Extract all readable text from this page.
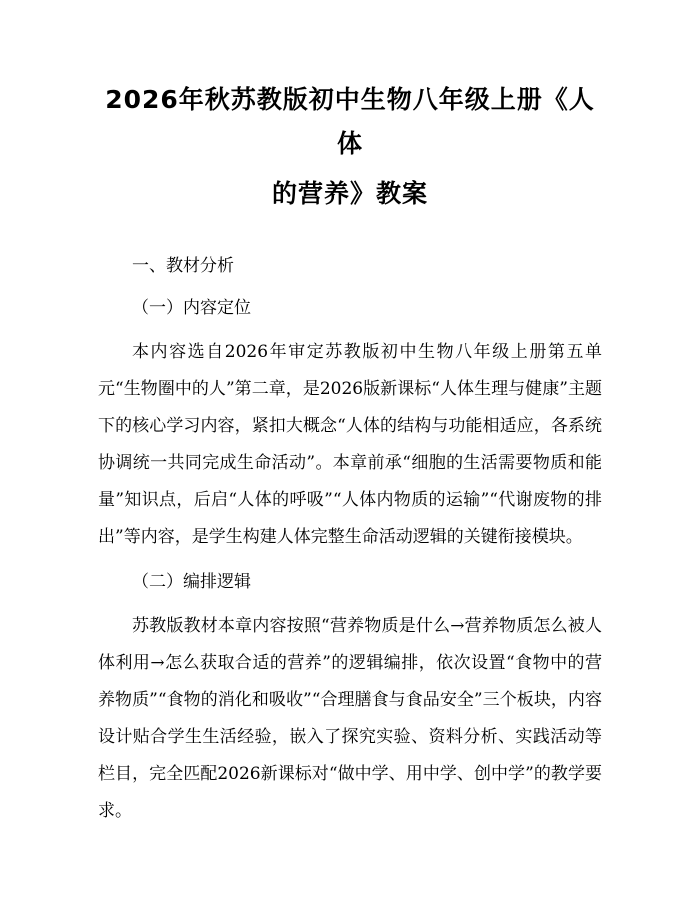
2026年秋苏教版初中生物八年级上册《人体
的营养》教案

一、教材分析

（一）内容定位

本内容选自2026年审定苏教版初中生物八年级上册第五单元“生物圈中的人”第二章，是2026版新课标“人体生理与健康”主题下的核心学习内容，紧扣大概念“人体的结构与功能相适应，各系统协调统一共同完成生命活动”。本章前承“细胞的生活需要物质和能量”知识点，后启“人体的呼吸”“人体内物质的运输”“代谢废物的排出”等内容，是学生构建人体完整生命活动逻辑的关键衔接模块。

（二）编排逻辑

苏教版教材本章内容按照“营养物质是什么→营养物质怎么被人体利用→怎么获取合适的营养”的逻辑编排，依次设置“食物中的营养物质”“食物的消化和吸收”“合理膳食与食品安全”三个板块，内容设计贴合学生生活经验，嵌入了探究实验、资料分析、实践活动等栏目，完全匹配2026新课标对“做中学、用中学、创中学”的教学要求。
